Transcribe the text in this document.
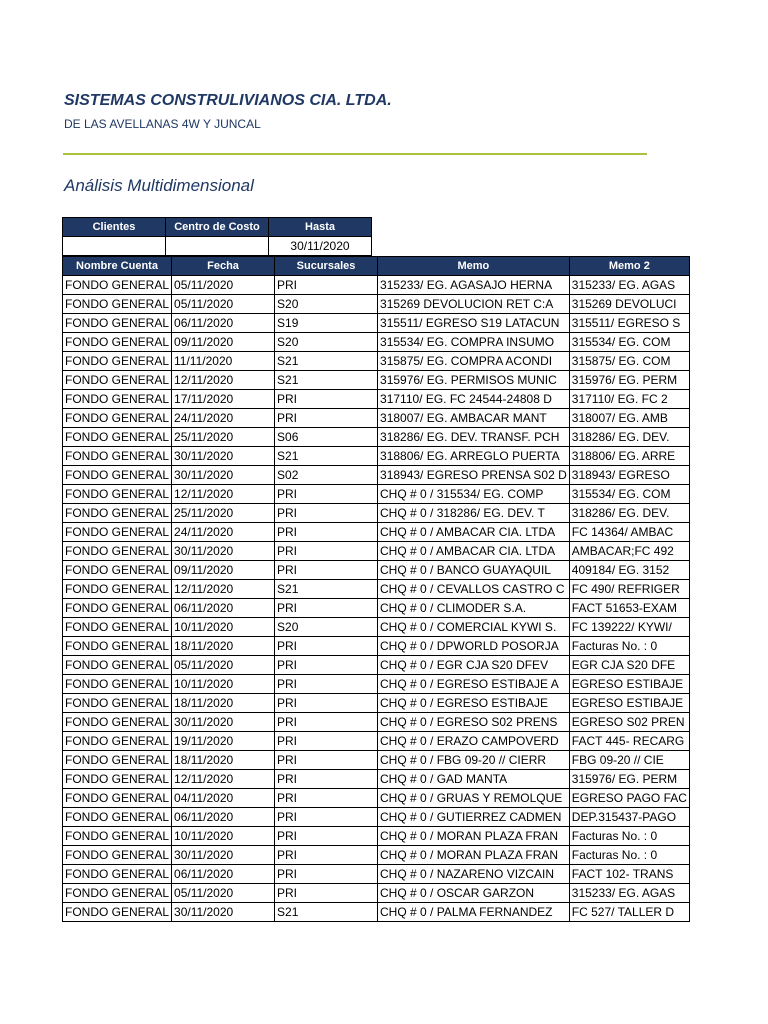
SISTEMAS CONSTRULIVIANOS CIA. LTDA.
DE LAS AVELLANAS 4W Y JUNCAL
Análisis Multidimensional
Clientes	Centro de Costo	Hasta
		30/11/2020
Nombre Cuenta	Fecha	Sucursales	Memo	Memo 2
FONDO GENERAL	05/11/2020	PRI	315233/ EG. AGASAJO HERNA	315233/ EG. AGAS
FONDO GENERAL	05/11/2020	S20	315269 DEVOLUCION RET C:A	315269 DEVOLUCI
FONDO GENERAL	06/11/2020	S19	315511/ EGRESO S19 LATACUN	315511/ EGRESO S
FONDO GENERAL	09/11/2020	S20	315534/ EG. COMPRA INSUMO	315534/ EG. COM
FONDO GENERAL	11/11/2020	S21	315875/ EG. COMPRA ACONDI	315875/ EG. COM
FONDO GENERAL	12/11/2020	S21	315976/ EG. PERMISOS MUNIC	315976/ EG. PERM
FONDO GENERAL	17/11/2020	PRI	317110/ EG. FC 24544-24808 D	317110/ EG. FC 2
FONDO GENERAL	24/11/2020	PRI	318007/ EG. AMBACAR MANT	318007/ EG. AMB
FONDO GENERAL	25/11/2020	S06	318286/ EG. DEV. TRANSF. PCH	318286/ EG. DEV.
FONDO GENERAL	30/11/2020	S21	318806/ EG. ARREGLO PUERTA	318806/ EG. ARRE
FONDO GENERAL	30/11/2020	S02	318943/ EGRESO PRENSA S02 D	318943/ EGRESO
FONDO GENERAL	12/11/2020	PRI	CHQ # 0 / 315534/ EG. COMP	315534/ EG. COM
FONDO GENERAL	25/11/2020	PRI	CHQ # 0 / 318286/ EG. DEV. T	318286/ EG. DEV.
FONDO GENERAL	24/11/2020	PRI	CHQ # 0 / AMBACAR CIA. LTDA	FC 14364/ AMBAC
FONDO GENERAL	30/11/2020	PRI	CHQ # 0 / AMBACAR CIA. LTDA	AMBACAR;FC 492
FONDO GENERAL	09/11/2020	PRI	CHQ # 0 / BANCO GUAYAQUIL	409184/ EG. 3152
FONDO GENERAL	12/11/2020	S21	CHQ # 0 / CEVALLOS CASTRO C	FC 490/ REFRIGER
FONDO GENERAL	06/11/2020	PRI	CHQ # 0 / CLIMODER S.A.	FACT 51653-EXAM
FONDO GENERAL	10/11/2020	S20	CHQ # 0 / COMERCIAL KYWI S.	FC 139222/ KYWI/
FONDO GENERAL	18/11/2020	PRI	CHQ # 0 / DPWORLD POSORJA	Facturas No. : 0
FONDO GENERAL	05/11/2020	PRI	CHQ # 0 / EGR CJA S20 DFEV	EGR CJA S20 DFE
FONDO GENERAL	10/11/2020	PRI	CHQ # 0 / EGRESO ESTIBAJE A	EGRESO ESTIBAJE
FONDO GENERAL	18/11/2020	PRI	CHQ # 0 / EGRESO ESTIBAJE	EGRESO ESTIBAJE
FONDO GENERAL	30/11/2020	PRI	CHQ # 0 / EGRESO S02 PRENS	EGRESO S02 PREN
FONDO GENERAL	19/11/2020	PRI	CHQ # 0 / ERAZO CAMPOVERD	FACT 445- RECARG
FONDO GENERAL	18/11/2020	PRI	CHQ # 0 / FBG 09-20 // CIERR	FBG 09-20 // CIE
FONDO GENERAL	12/11/2020	PRI	CHQ # 0 / GAD MANTA	315976/ EG. PERM
FONDO GENERAL	04/11/2020	PRI	CHQ # 0 / GRUAS Y REMOLQUE	EGRESO PAGO FAC
FONDO GENERAL	06/11/2020	PRI	CHQ # 0 / GUTIERREZ CADMEN	DEP.315437-PAGO
FONDO GENERAL	10/11/2020	PRI	CHQ # 0 / MORAN PLAZA FRAN	Facturas No. : 0
FONDO GENERAL	30/11/2020	PRI	CHQ # 0 / MORAN PLAZA FRAN	Facturas No. : 0
FONDO GENERAL	06/11/2020	PRI	CHQ # 0 / NAZARENO VIZCAIN	FACT 102- TRANS
FONDO GENERAL	05/11/2020	PRI	CHQ # 0 / OSCAR GARZON	315233/ EG. AGAS
FONDO GENERAL	30/11/2020	S21	CHQ # 0 / PALMA FERNANDEZ	FC 527/ TALLER D
